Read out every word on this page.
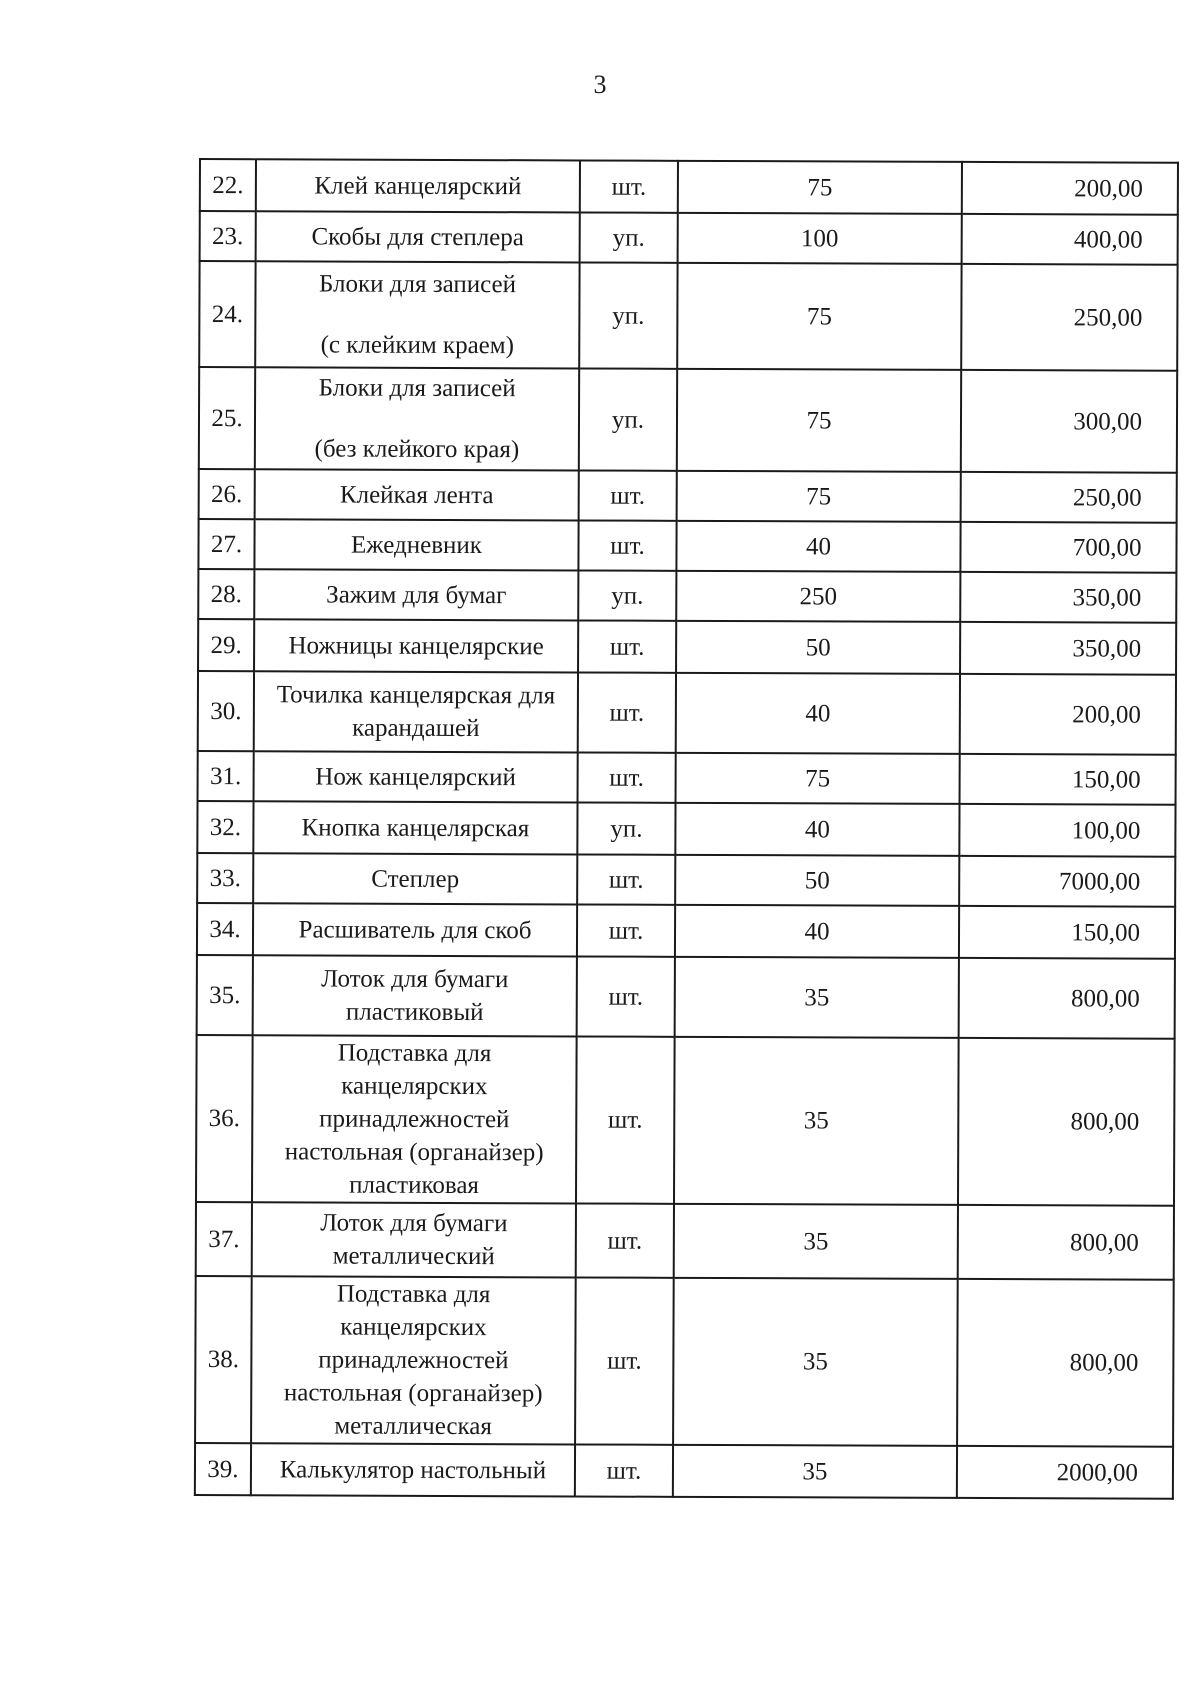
3
22.	Клей канцелярский	шт.	75	200,00
23.	Скобы для степлера	уп.	100	400,00
24.	Блоки для записей
(с клейким краем)	уп.	75	250,00
25.	Блоки для записей
(без клейкого края)	уп.	75	300,00
26.	Клейкая лента	шт.	75	250,00
27.	Ежедневник	шт.	40	700,00
28.	Зажим для бумаг	уп.	250	350,00
29.	Ножницы канцелярские	шт.	50	350,00
30.	Точилка канцелярская для
карандашей	шт.	40	200,00
31.	Нож канцелярский	шт.	75	150,00
32.	Кнопка канцелярская	уп.	40	100,00
33.	Степлер	шт.	50	7000,00
34.	Расшиватель для скоб	шт.	40	150,00
35.	Лоток для бумаги
пластиковый	шт.	35	800,00
36.	Подставка для
канцелярских
принадлежностей
настольная (органайзер)
пластиковая	шт.	35	800,00
37.	Лоток для бумаги
металлический	шт.	35	800,00
38.	Подставка для
канцелярских
принадлежностей
настольная (органайзер)
металлическая	шт.	35	800,00
39.	Калькулятор настольный	шт.	35	2000,00
